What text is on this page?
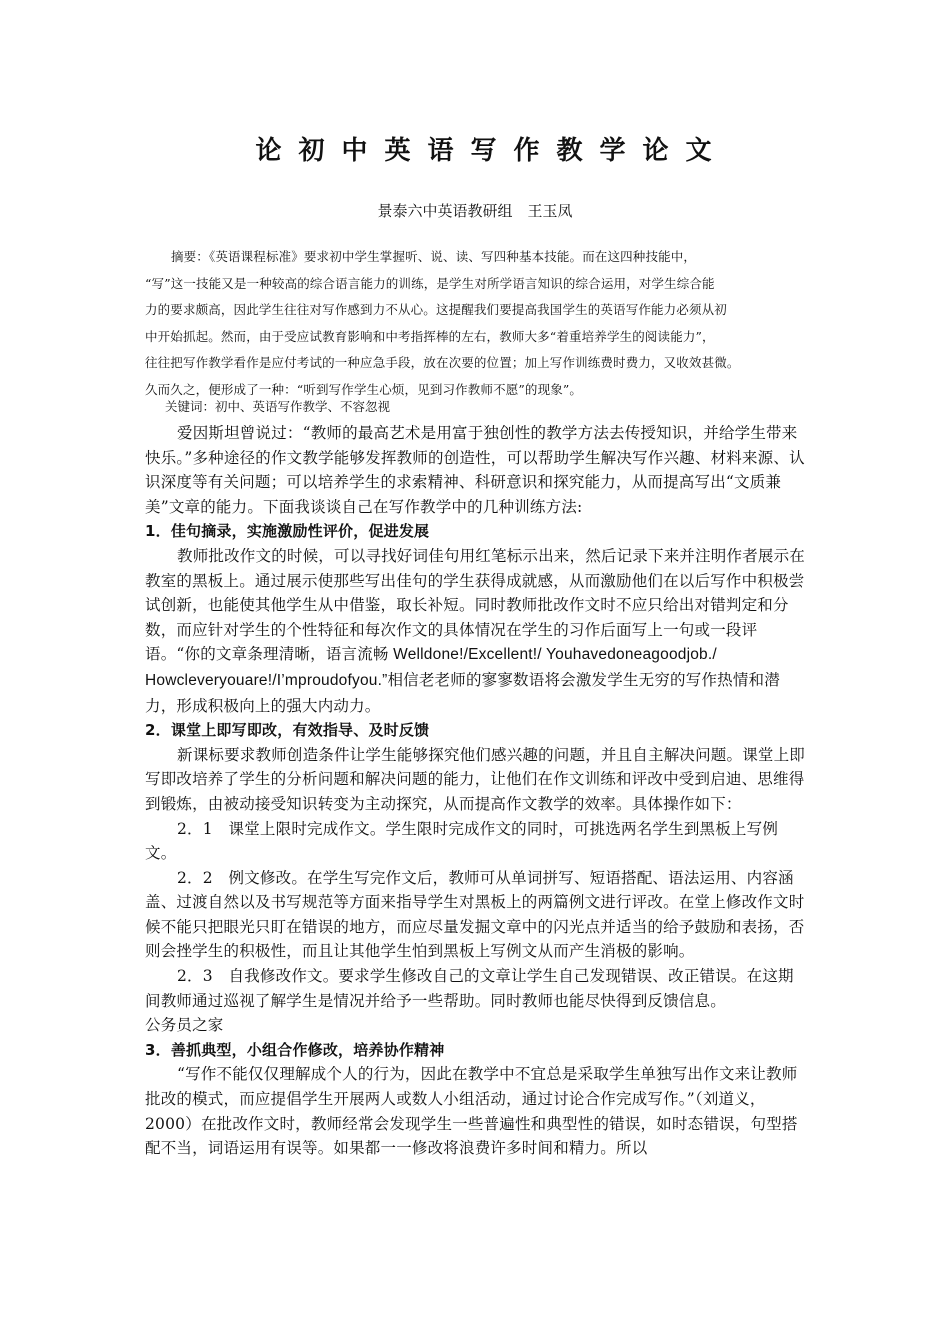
论初中英语写作教学论文
景泰六中英语教研组　王玉凤

摘要：《英语课程标准》要求初中学生掌握听、说、读、写四种基本技能。而在这四种技能中，

“写”这一技能又是一种较高的综合语言能力的训练，是学生对所学语言知识的综合运用，对学生综合能

力的要求颇高，因此学生往往对写作感到力不从心。这提醒我们要提高我国学生的英语写作能力必须从初

中开始抓起。然而，由于受应试教育影响和中考指挥棒的左右，教师大多“着重培养学生的阅读能力”，

往往把写作教学看作是应付考试的一种应急手段，放在次要的位置；加上写作训练费时费力，又收效甚微。

久而久之，便形成了一种：“听到写作学生心烦，见到习作教师不愿”的现象”。

关键词：初中、英语写作教学、不容忽视

爱因斯坦曾说过：“教师的最高艺术是用富于独创性的教学方法去传授知识，并给学生带来快乐。”多种途径的作文教学能够发挥教师的创造性，可以帮助学生解决写作兴趣、材料来源、认识深度等有关问题；可以培养学生的求索精神、科研意识和探究能力，从而提高写出“文质兼美”文章的能力。下面我谈谈自己在写作教学中的几种训练方法:

1．佳句摘录，实施激励性评价，促进发展

教师批改作文的时候，可以寻找好词佳句用红笔标示出来，然后记录下来并注明作者展示在教室的黑板上。通过展示使那些写出佳句的学生获得成就感，从而激励他们在以后写作中积极尝试创新，也能使其他学生从中借鉴，取长补短。同时教师批改作文时不应只给出对错判定和分数，而应针对学生的个性特征和每次作文的具体情况在学生的习作后面写上一句或一段评语。“你的文章条理清晰，语言流畅 Welldone!/Excellent!/ Youhavedoneagoodjob./ Howcleveryouare!/I’mproudofyou.”相信老老师的寥寥数语将会激发学生无穷的写作热情和潜力，形成积极向上的强大内动力。

2．课堂上即写即改，有效指导、及时反馈

新课标要求教师创造条件让学生能够探究他们感兴趣的问题，并且自主解决问题。课堂上即写即改培养了学生的分析问题和解决问题的能力，让他们在作文训练和评改中受到启迪、思维得到锻炼，由被动接受知识转变为主动探究，从而提高作文教学的效率。具体操作如下：

2．1　课堂上限时完成作文。学生限时完成作文的同时，可挑选两名学生到黑板上写例文。

2．2　例文修改。在学生写完作文后，教师可从单词拼写、短语搭配、语法运用、内容涵盖、过渡自然以及书写规范等方面来指导学生对黑板上的两篇例文进行评改。在堂上修改作文时候不能只把眼光只盯在错误的地方，而应尽量发掘文章中的闪光点并适当的给予鼓励和表扬，否则会挫学生的积极性，而且让其他学生怕到黑板上写例文从而产生消极的影响。

2．3　自我修改作文。要求学生修改自己的文章让学生自己发现错误、改正错误。在这期间教师通过巡视了解学生是情况并给予一些帮助。同时教师也能尽快得到反馈信息。

公务员之家

3．善抓典型，小组合作修改，培养协作精神

“写作不能仅仅理解成个人的行为，因此在教学中不宜总是采取学生单独写出作文来让教师批改的模式，而应提倡学生开展两人或数人小组活动，通过讨论合作完成写作。”（刘道义，2000）在批改作文时，教师经常会发现学生一些普遍性和典型性的错误，如时态错误，句型搭配不当，词语运用有误等。如果都一一修改将浪费许多时间和精力。所以
